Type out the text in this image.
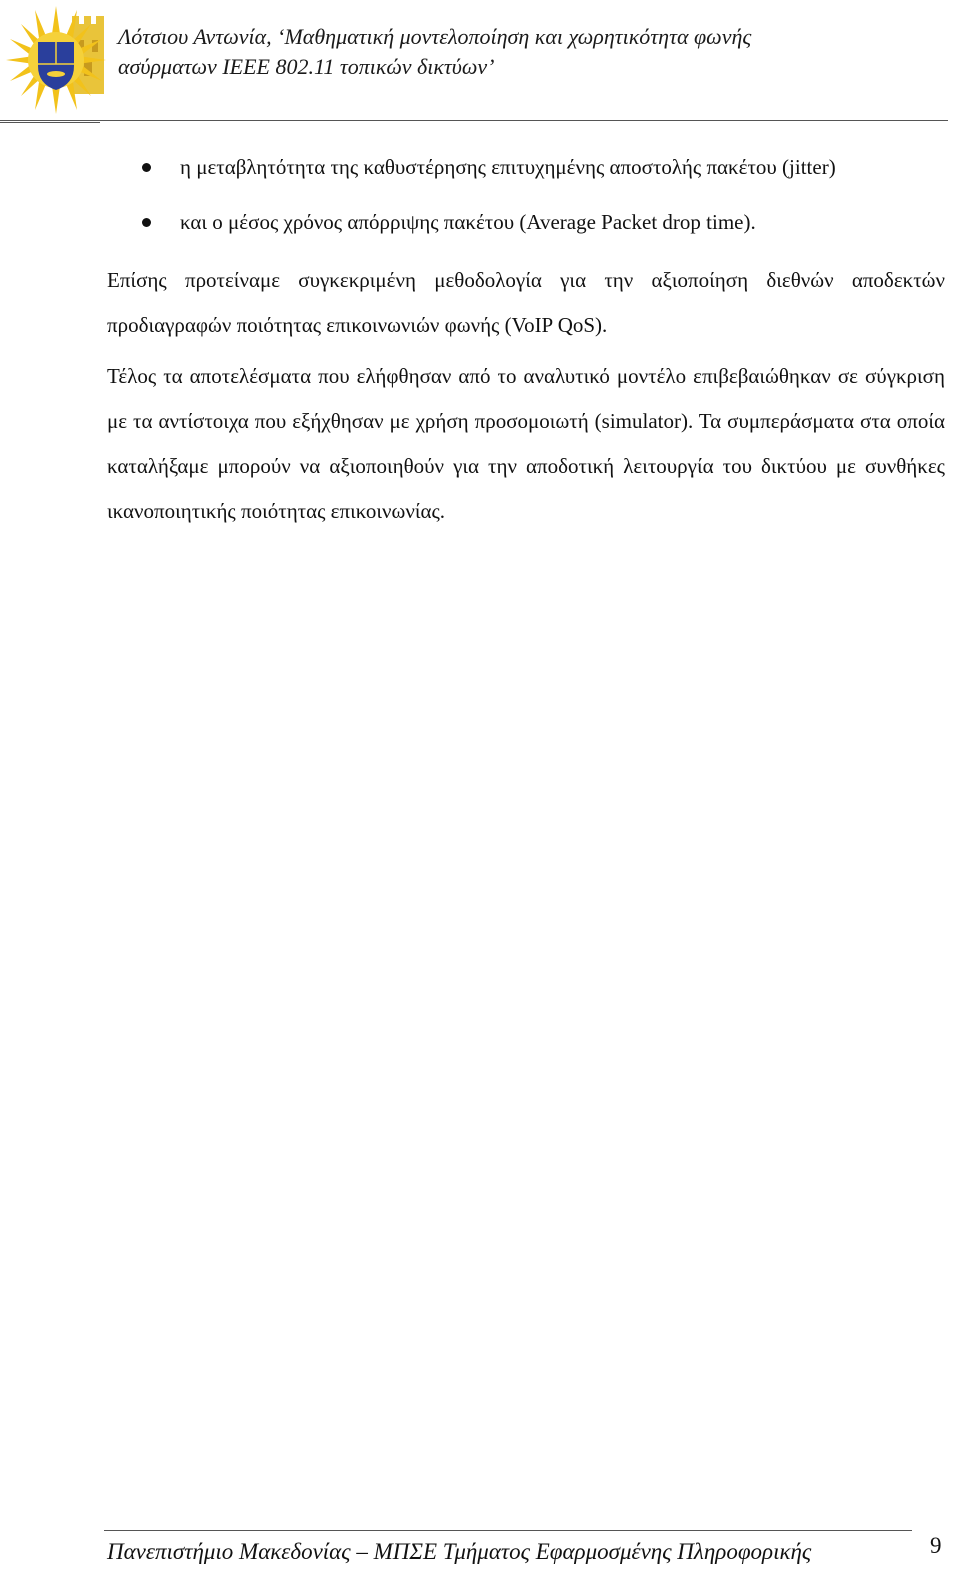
Λότσιου Αντωνία, ‘Μαθηματική μοντελοποίηση και χωρητικότητα φωνής
ασύρματων IEEE 802.11 τοπικών δικτύων’
η μεταβλητότητα της καθυστέρησης επιτυχημένης αποστολής πακέτου (jitter)
και ο μέσος χρόνος απόρριψης πακέτου (Average Packet drop time).

Επίσης προτείναμε συγκεκριμένη μεθοδολογία για την αξιοποίηση διεθνών αποδεκτών προδιαγραφών ποιότητας επικοινωνιών φωνής (VoIP QoS).

Τέλος τα αποτελέσματα που ελήφθησαν από το αναλυτικό μοντέλο επιβεβαιώθηκαν σε σύγκριση με τα αντίστοιχα που εξήχθησαν με χρήση προσομοιωτή (simulator). Τα συμπεράσματα στα οποία καταλήξαμε μπορούν να αξιοποιηθούν για την αποδοτική λειτουργία του δικτύου με συνθήκες ικανοποιητικής ποιότητας επικοινωνίας.

Πανεπιστήμιο Μακεδονίας – ΜΠΣΕ Τμήματος Εφαρμοσμένης Πληροφορικής	9
